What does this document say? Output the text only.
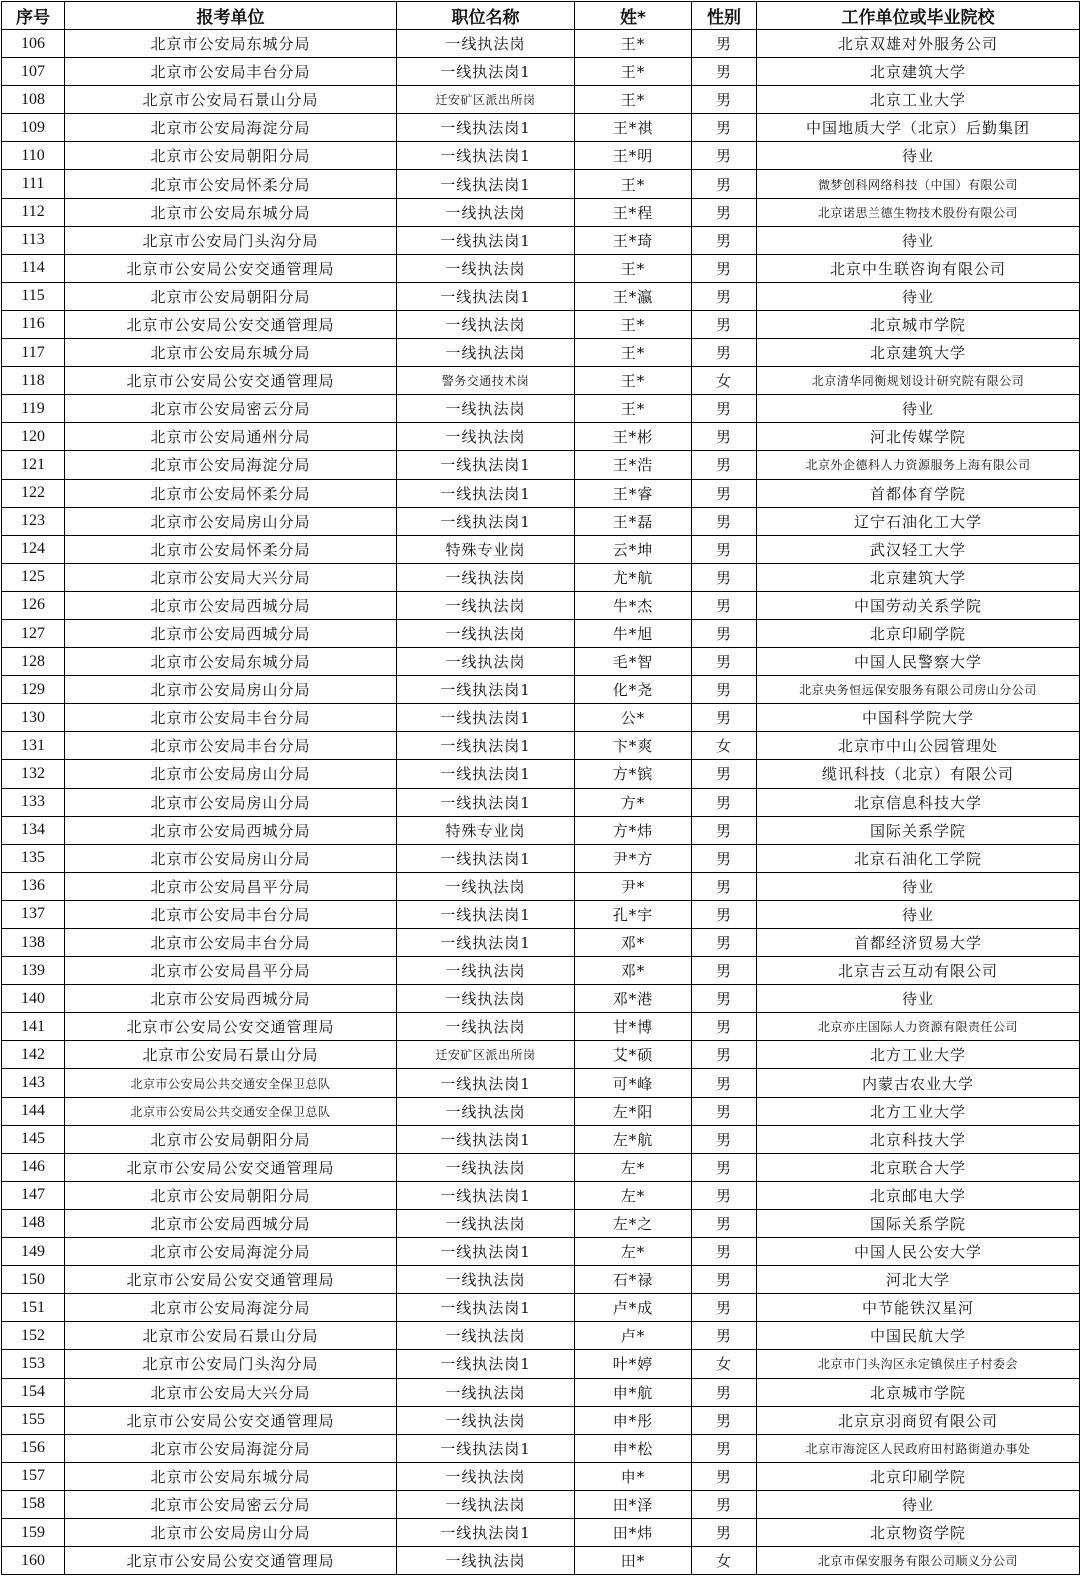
序号	报考单位	职位名称	姓*	性别	工作单位或毕业院校
106	北京市公安局东城分局	一线执法岗	王*	男	北京双雄对外服务公司
107	北京市公安局丰台分局	一线执法岗1	王*	男	北京建筑大学
108	北京市公安局石景山分局	迁安矿区派出所岗	王*	男	北京工业大学
109	北京市公安局海淀分局	一线执法岗1	王*祺	男	中国地质大学（北京）后勤集团
110	北京市公安局朝阳分局	一线执法岗1	王*明	男	待业
111	北京市公安局怀柔分局	一线执法岗1	王*	男	微梦创科网络科技（中国）有限公司
112	北京市公安局东城分局	一线执法岗	王*程	男	北京诺思兰德生物技术股份有限公司
113	北京市公安局门头沟分局	一线执法岗1	王*琦	男	待业
114	北京市公安局公安交通管理局	一线执法岗	王*	男	北京中生联咨询有限公司
115	北京市公安局朝阳分局	一线执法岗1	王*瀛	男	待业
116	北京市公安局公安交通管理局	一线执法岗	王*	男	北京城市学院
117	北京市公安局东城分局	一线执法岗	王*	男	北京建筑大学
118	北京市公安局公安交通管理局	警务交通技术岗	王*	女	北京清华同衡规划设计研究院有限公司
119	北京市公安局密云分局	一线执法岗	王*	男	待业
120	北京市公安局通州分局	一线执法岗	王*彬	男	河北传媒学院
121	北京市公安局海淀分局	一线执法岗1	王*浩	男	北京外企德科人力资源服务上海有限公司
122	北京市公安局怀柔分局	一线执法岗1	王*睿	男	首都体育学院
123	北京市公安局房山分局	一线执法岗1	王*磊	男	辽宁石油化工大学
124	北京市公安局怀柔分局	特殊专业岗	云*坤	男	武汉轻工大学
125	北京市公安局大兴分局	一线执法岗	尤*航	男	北京建筑大学
126	北京市公安局西城分局	一线执法岗	牛*杰	男	中国劳动关系学院
127	北京市公安局西城分局	一线执法岗	牛*旭	男	北京印刷学院
128	北京市公安局东城分局	一线执法岗	毛*智	男	中国人民警察大学
129	北京市公安局房山分局	一线执法岗1	化*尧	男	北京央务恒远保安服务有限公司房山分公司
130	北京市公安局丰台分局	一线执法岗1	公*	男	中国科学院大学
131	北京市公安局丰台分局	一线执法岗1	卞*爽	女	北京市中山公园管理处
132	北京市公安局房山分局	一线执法岗1	方*镔	男	缆讯科技（北京）有限公司
133	北京市公安局房山分局	一线执法岗1	方*	男	北京信息科技大学
134	北京市公安局西城分局	特殊专业岗	方*炜	男	国际关系学院
135	北京市公安局房山分局	一线执法岗1	尹*方	男	北京石油化工学院
136	北京市公安局昌平分局	一线执法岗	尹*	男	待业
137	北京市公安局丰台分局	一线执法岗1	孔*宇	男	待业
138	北京市公安局丰台分局	一线执法岗1	邓*	男	首都经济贸易大学
139	北京市公安局昌平分局	一线执法岗	邓*	男	北京吉云互动有限公司
140	北京市公安局西城分局	一线执法岗	邓*港	男	待业
141	北京市公安局公安交通管理局	一线执法岗	甘*博	男	北京亦庄国际人力资源有限责任公司
142	北京市公安局石景山分局	迁安矿区派出所岗	艾*硕	男	北方工业大学
143	北京市公安局公共交通安全保卫总队	一线执法岗1	可*峰	男	内蒙古农业大学
144	北京市公安局公共交通安全保卫总队	一线执法岗	左*阳	男	北方工业大学
145	北京市公安局朝阳分局	一线执法岗1	左*航	男	北京科技大学
146	北京市公安局公安交通管理局	一线执法岗	左*	男	北京联合大学
147	北京市公安局朝阳分局	一线执法岗1	左*	男	北京邮电大学
148	北京市公安局西城分局	一线执法岗	左*之	男	国际关系学院
149	北京市公安局海淀分局	一线执法岗1	左*	男	中国人民公安大学
150	北京市公安局公安交通管理局	一线执法岗	石*禄	男	河北大学
151	北京市公安局海淀分局	一线执法岗1	卢*成	男	中节能铁汉星河
152	北京市公安局石景山分局	一线执法岗	卢*	男	中国民航大学
153	北京市公安局门头沟分局	一线执法岗1	叶*婷	女	北京市门头沟区永定镇侯庄子村委会
154	北京市公安局大兴分局	一线执法岗	申*航	男	北京城市学院
155	北京市公安局公安交通管理局	一线执法岗	申*彤	男	北京京羽商贸有限公司
156	北京市公安局海淀分局	一线执法岗1	申*松	男	北京市海淀区人民政府田村路街道办事处
157	北京市公安局东城分局	一线执法岗	申*	男	北京印刷学院
158	北京市公安局密云分局	一线执法岗	田*泽	男	待业
159	北京市公安局房山分局	一线执法岗1	田*炜	男	北京物资学院
160	北京市公安局公安交通管理局	一线执法岗	田*	女	北京市保安服务有限公司顺义分公司
